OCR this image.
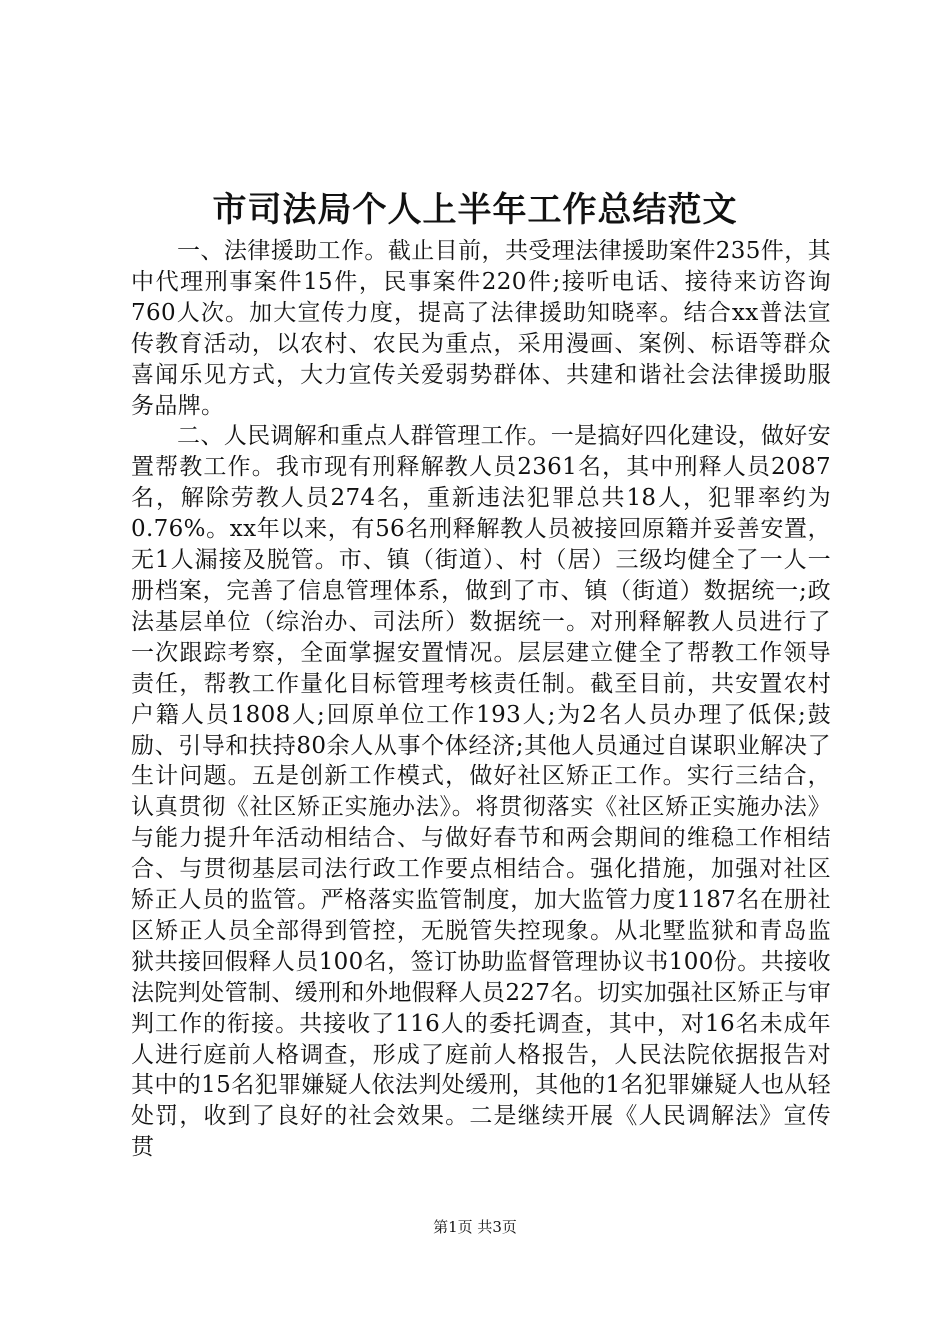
市司法局个人上半年工作总结范文

一、法律援助工作。截止目前，共受理法律援助案件235件，其中代理刑事案件15件，民事案件220件;接听电话、接待来访咨询760人次。加大宣传力度，提高了法律援助知晓率。结合xx普法宣传教育活动，以农村、农民为重点，采用漫画、案例、标语等群众喜闻乐见方式，大力宣传关爱弱势群体、共建和谐社会法律援助服务品牌。

二、人民调解和重点人群管理工作。一是搞好四化建设，做好安置帮教工作。我市现有刑释解教人员2361名，其中刑释人员2087名，解除劳教人员274名，重新违法犯罪总共18人，犯罪率约为0.76%。xx年以来，有56名刑释解教人员被接回原籍并妥善安置，无1人漏接及脱管。市、镇（街道）、村（居）三级均健全了一人一册档案，完善了信息管理体系，做到了市、镇（街道）数据统一;政法基层单位（综治办、司法所）数据统一。对刑释解教人员进行了一次跟踪考察，全面掌握安置情况。层层建立健全了帮教工作领导责任，帮教工作量化目标管理考核责任制。截至目前，共安置农村户籍人员1808人;回原单位工作193人;为2名人员办理了低保;鼓励、引导和扶持80余人从事个体经济;其他人员通过自谋职业解决了生计问题。五是创新工作模式，做好社区矫正工作。实行三结合，认真贯彻《社区矫正实施办法》。将贯彻落实《社区矫正实施办法》与能力提升年活动相结合、与做好春节和两会期间的维稳工作相结合、与贯彻基层司法行政工作要点相结合。强化措施，加强对社区矫正人员的监管。严格落实监管制度，加大监管力度1187名在册社区矫正人员全部得到管控，无脱管失控现象。从北墅监狱和青岛监狱共接回假释人员100名，签订协助监督管理协议书100份。共接收法院判处管制、缓刑和外地假释人员227名。切实加强社区矫正与审判工作的衔接。共接收了116人的委托调查，其中，对16名未成年人进行庭前人格调查，形成了庭前人格报告，人民法院依据报告对其中的15名犯罪嫌疑人依法判处缓刑，其他的1名犯罪嫌疑人也从轻处罚，收到了良好的社会效果。二是继续开展《人民调解法》宣传贯

第1页 共3页
